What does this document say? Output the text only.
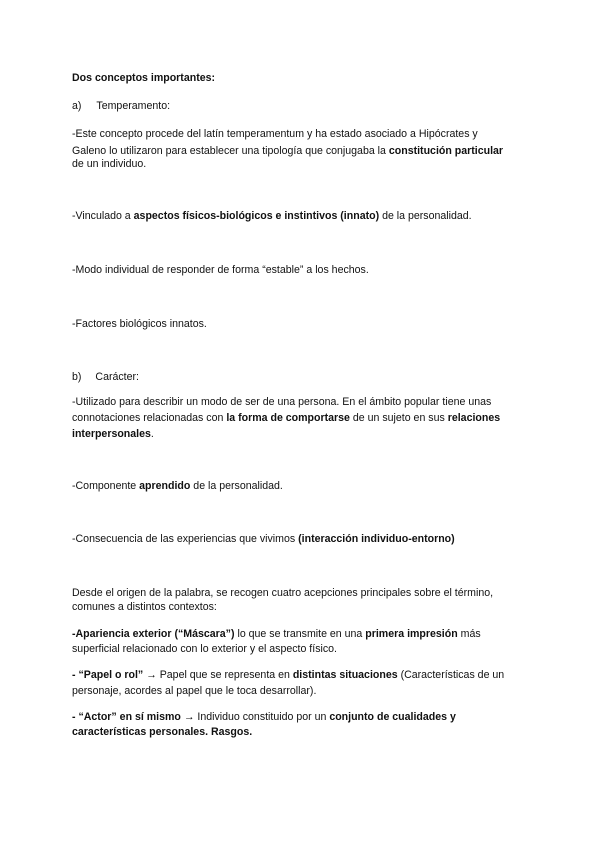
Dos conceptos importantes:
a) Temperamento:
-Este concepto procede del latín temperamentum y ha estado asociado a Hipócrates y
Galeno lo utilizaron para establecer una tipología que conjugaba la constitución particular
de un individuo.
-Vinculado a aspectos físicos-biológicos e instintivos (innato) de la personalidad.
-Modo individual de responder de forma “estable” a los hechos.
-Factores biológicos innatos.
b) Carácter:
-Utilizado para describir un modo de ser de una persona. En el ámbito popular tiene unas
connotaciones relacionadas con la forma de comportarse de un sujeto en sus relaciones
interpersonales.
-Componente aprendido de la personalidad.
-Consecuencia de las experiencias que vivimos (interacción individuo-entorno)
Desde el origen de la palabra, se recogen cuatro acepciones principales sobre el término,
comunes a distintos contextos:
-Apariencia exterior (“Máscara”) lo que se transmite en una primera impresión más
superficial relacionado con lo exterior y el aspecto físico.
- “Papel o rol” → Papel que se representa en distintas situaciones (Características de un
personaje, acordes al papel que le toca desarrollar).
- “Actor” en sí mismo → Individuo constituido por un conjunto de cualidades y
características personales. Rasgos.
